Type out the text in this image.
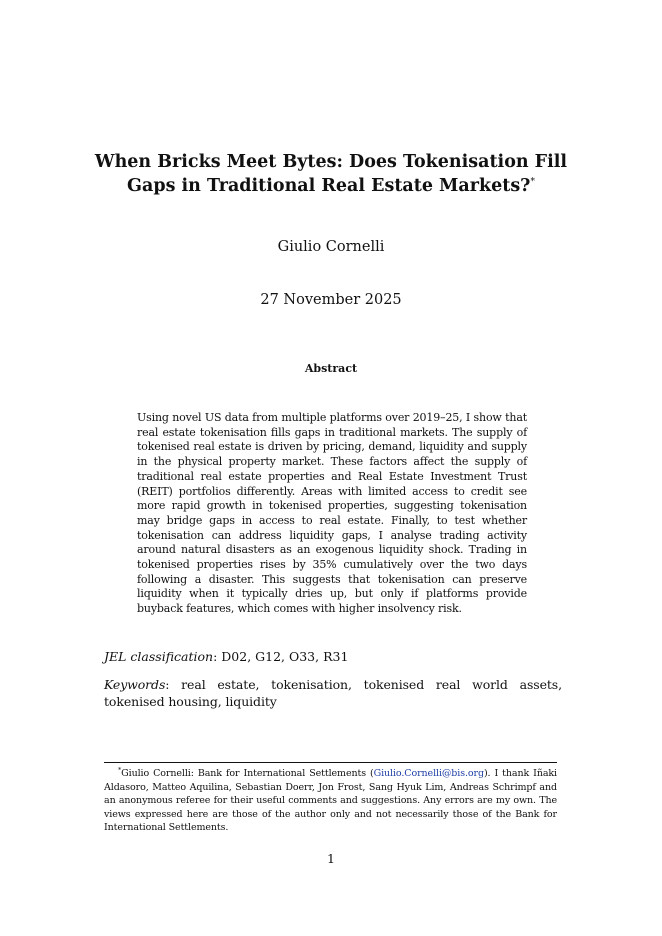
When Bricks Meet Bytes: Does Tokenisation Fill Gaps in Traditional Real Estate Markets?*
Giulio Cornelli
27 November 2025
Abstract
Using novel US data from multiple platforms over 2019–25, I show that real estate tokenisation fills gaps in traditional markets. The supply of tokenised real estate is driven by pricing, demand, liquidity and supply in the physical property market. These factors affect the supply of traditional real estate properties and Real Estate Investment Trust (REIT) portfolios differently. Areas with limited access to credit see more rapid growth in tokenised properties, suggesting tokenisation may bridge gaps in access to real estate. Finally, to test whether tokenisation can address liquidity gaps, I analyse trading activity around natural disasters as an exogenous liquidity shock. Trading in tokenised properties rises by 35% cumulatively over the two days following a disaster. This suggests that tokenisation can preserve liquidity when it typically dries up, but only if platforms provide buyback features, which comes with higher insolvency risk.
JEL classification: D02, G12, O33, R31
Keywords: real estate, tokenisation, tokenised real world assets, tokenised housing, liquidity
*Giulio Cornelli: Bank for International Settlements (Giulio.Cornelli@bis.org). I thank Iñaki Aldasoro, Matteo Aquilina, Sebastian Doerr, Jon Frost, Sang Hyuk Lim, Andreas Schrimpf and an anonymous referee for their useful comments and suggestions. Any errors are my own. The views expressed here are those of the author only and not necessarily those of the Bank for International Settlements.
1
